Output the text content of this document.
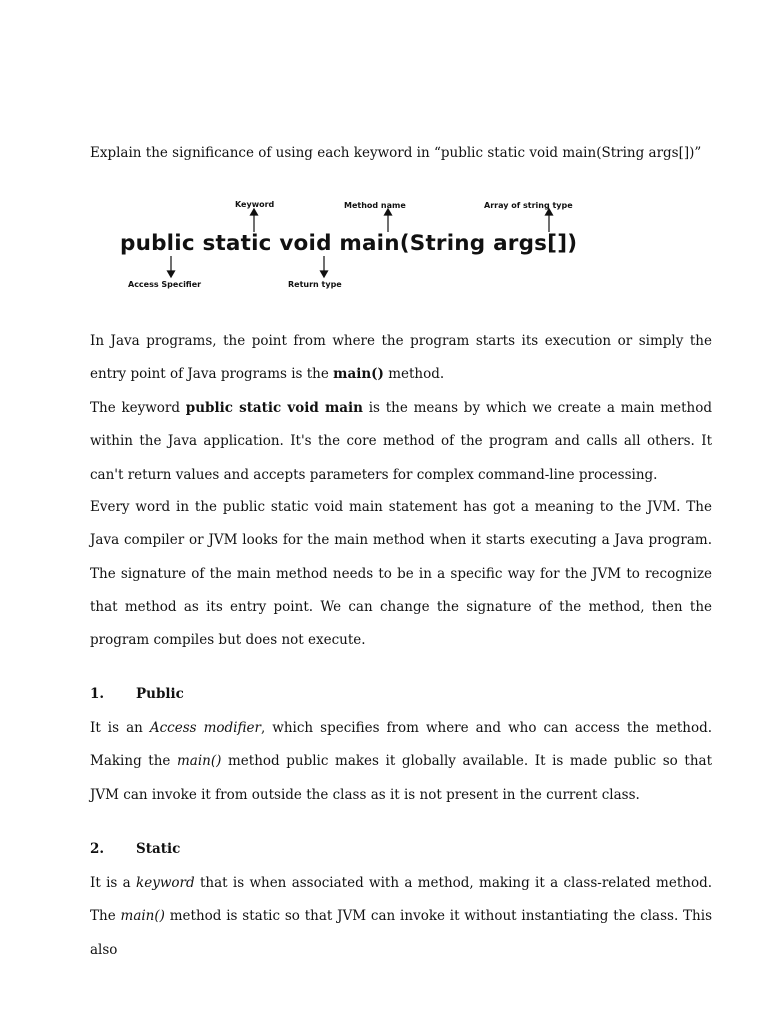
Explain the significance of using each keyword in “public static void main(String args[])”
Keyword	Method name	Array of string type
public static void main(String args[])
Access Specifier	Return type

In Java programs, the point from where the program starts its execution or simply the entry point of Java programs is the main() method.

The keyword public static void main is the means by which we create a main method within the Java application. It's the core method of the program and calls all others. It can't return values and accepts parameters for complex command-line processing.

Every word in the public static void main statement has got a meaning to the JVM. The Java compiler or JVM looks for the main method when it starts executing a Java program. The signature of the main method needs to be in a specific way for the JVM to recognize that method as its entry point. We can change the signature of the method, then the program compiles but does not execute.

1. Public

It is an Access modifier, which specifies from where and who can access the method. Making the main() method public makes it globally available. It is made public so that JVM can invoke it from outside the class as it is not present in the current class.

2. Static

It is a keyword that is when associated with a method, making it a class-related method. The main() method is static so that JVM can invoke it without instantiating the class. This also
